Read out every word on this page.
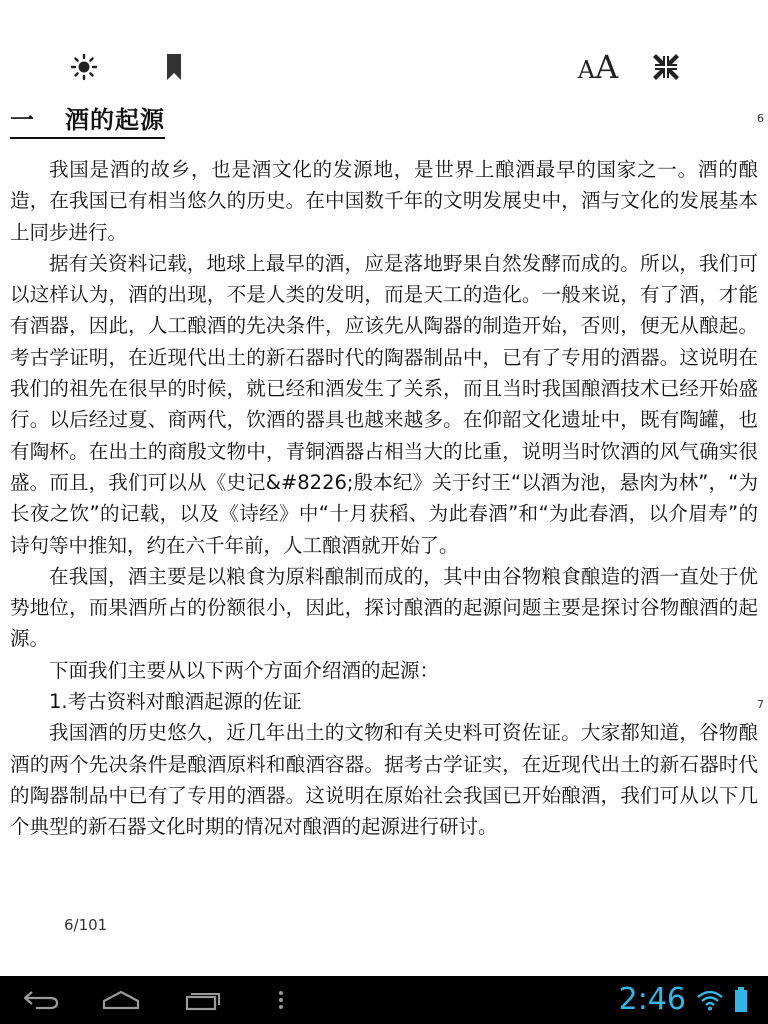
A A
一 酒的起源	6
7

我国是酒的故乡，也是酒文化的发源地，是世界上酿酒最早的国家之一。酒的酿造，在我国已有相当悠久的历史。在中国数千年的文明发展史中，酒与文化的发展基本上同步进行。

据有关资料记载，地球上最早的酒，应是落地野果自然发酵而成的。所以，我们可以这样认为，酒的出现，不是人类的发明，而是天工的造化。一般来说，有了酒，才能有酒器，因此，人工酿酒的先决条件，应该先从陶器的制造开始，否则，便无从酿起。考古学证明，在近现代出土的新石器时代的陶器制品中，已有了专用的酒器。这说明在我们的祖先在很早的时候，就已经和酒发生了关系，而且当时我国酿酒技术已经开始盛行。以后经过夏、商两代，饮酒的器具也越来越多。在仰韶文化遗址中，既有陶罐，也有陶杯。在出土的商殷文物中，青铜酒器占相当大的比重，说明当时饮酒的风气确实很盛。而且，我们可以从《史记&#8226;殷本纪》关于纣王“以酒为池，悬肉为林”，“为长夜之饮”的记载，以及《诗经》中“十月获稻、为此春酒”和“为此春酒，以介眉寿”的诗句等中推知，约在六千年前，人工酿酒就开始了。

在我国，酒主要是以粮食为原料酿制而成的，其中由谷物粮食酿造的酒一直处于优势地位，而果酒所占的份额很小，因此，探讨酿酒的起源问题主要是探讨谷物酿酒的起源。

下面我们主要从以下两个方面介绍酒的起源：

1.考古资料对酿酒起源的佐证

我国酒的历史悠久，近几年出土的文物和有关史料可资佐证。大家都知道，谷物酿酒的两个先决条件是酿酒原料和酿酒容器。据考古学证实，在近现代出土的新石器时代的陶器制品中已有了专用的酒器。这说明在原始社会我国已开始酿酒，我们可从以下几个典型的新石器文化时期的情况对酿酒的起源进行研讨。

6/101
2:46
